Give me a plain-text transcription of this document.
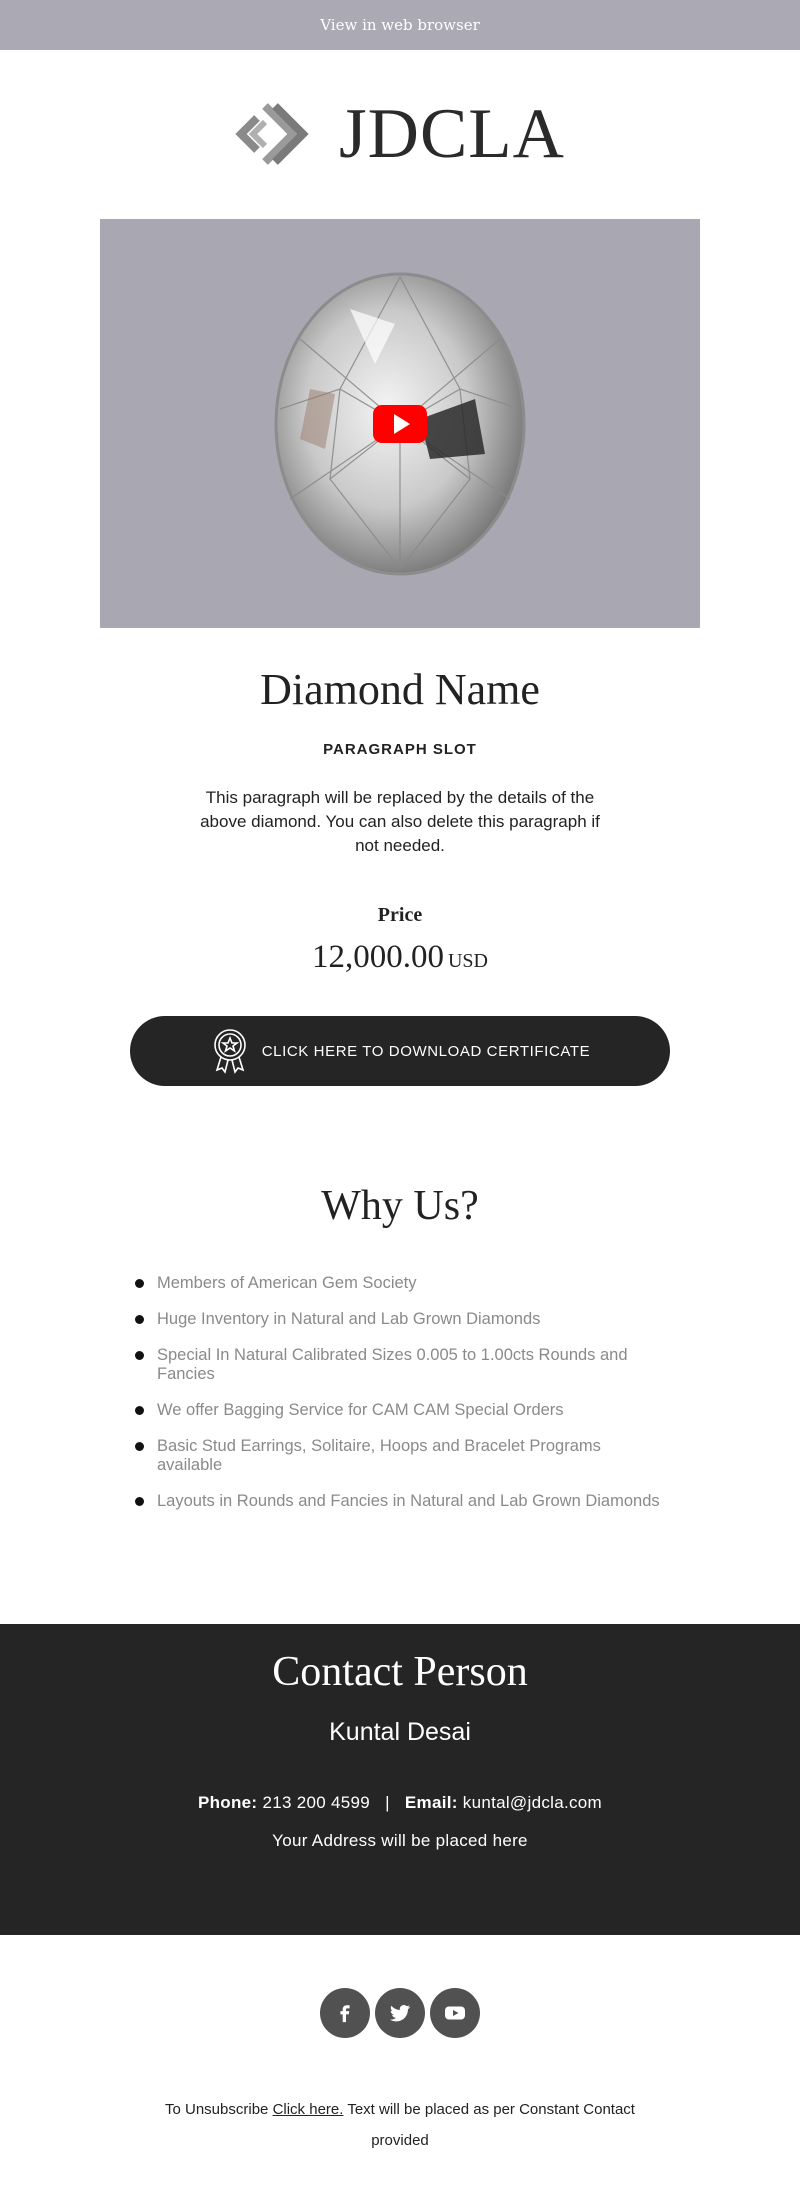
View in web browser
JDCLA
Diamond Name
PARAGRAPH SLOT
This paragraph will be replaced by the details of the above diamond. You can also delete this paragraph if not needed.
Price
12,000.00 USD
CLICK HERE TO DOWNLOAD CERTIFICATE
Why Us?
Members of American Gem Society
Huge Inventory in Natural and Lab Grown Diamonds
Special In Natural Calibrated Sizes 0.005 to 1.00cts Rounds and Fancies
We offer Bagging Service for CAM CAM Special Orders
Basic Stud Earrings, Solitaire, Hoops and Bracelet Programs available
Layouts in Rounds and Fancies in Natural and Lab Grown Diamonds
Contact Person
Kuntal Desai
Phone: 213 200 4599 | Email: kuntal@jdcla.com
Your Address will be placed here
To Unsubscribe Click here. Text will be placed as per Constant Contact provided
